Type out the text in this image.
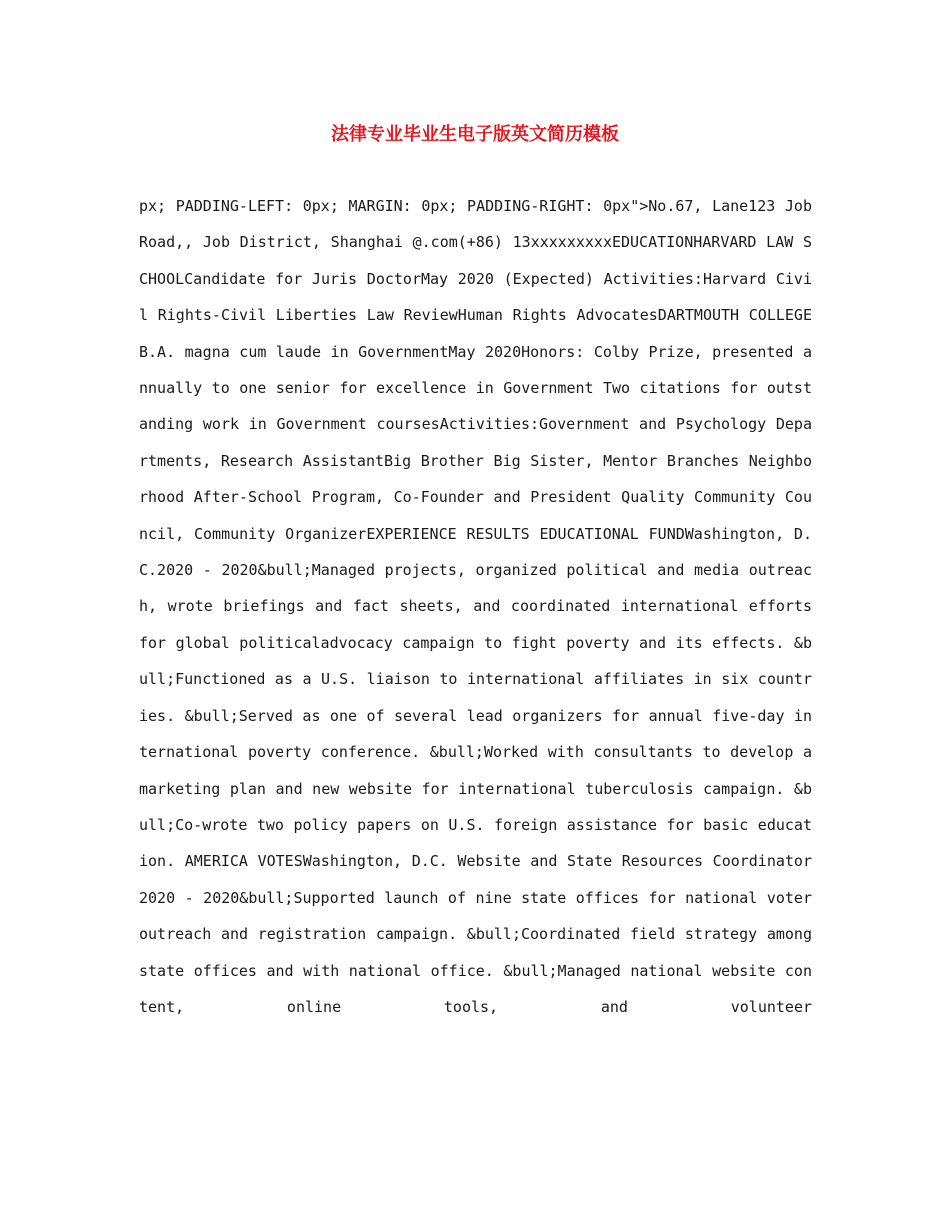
法律专业毕业生电子版英文简历模板

px; PADDING-LEFT: 0px; MARGIN: 0px; PADDING-RIGHT: 0px">No.67, Lane123 Job Road,, Job District, Shanghai @.com(+86) 13xxxxxxxxxEDUCATIONHARVARD LAW SCHOOLCandidate for Juris DoctorMay 2020 (Expected) Activities:Harvard Civil Rights-Civil Liberties Law ReviewHuman Rights AdvocatesDARTMOUTH COLLEGEB.A. magna cum laude in GovernmentMay 2020Honors: Colby Prize, presented annually to one senior for excellence in Government Two citations for outstanding work in Government coursesActivities:Government and Psychology Departments, Research AssistantBig Brother Big Sister, Mentor Branches Neighborhood After-School Program, Co-Founder and President Quality Community Council, Community OrganizerEXPERIENCE RESULTS EDUCATIONAL FUNDWashington, D.C.2020 - 2020&bull;Managed projects, organized political and media outreach, wrote briefings and fact sheets, and coordinated international efforts for global politicaladvocacy campaign to fight poverty and its effects. &bull;Functioned as a U.S. liaison to international affiliates in six countries. &bull;Served as one of several lead organizers for annual five-day international poverty conference. &bull;Worked with consultants to develop a marketing plan and new website for international tuberculosis campaign. &bull;Co-wrote two policy papers on U.S. foreign assistance for basic education. AMERICA VOTESWashington, D.C. Website and State Resources Coordinator 2020 - 2020&bull;Supported launch of nine state offices for national voter outreach and registration campaign. &bull;Coordinated field strategy among state offices and with national office. &bull;Managed national website content, online tools, and volunteer
